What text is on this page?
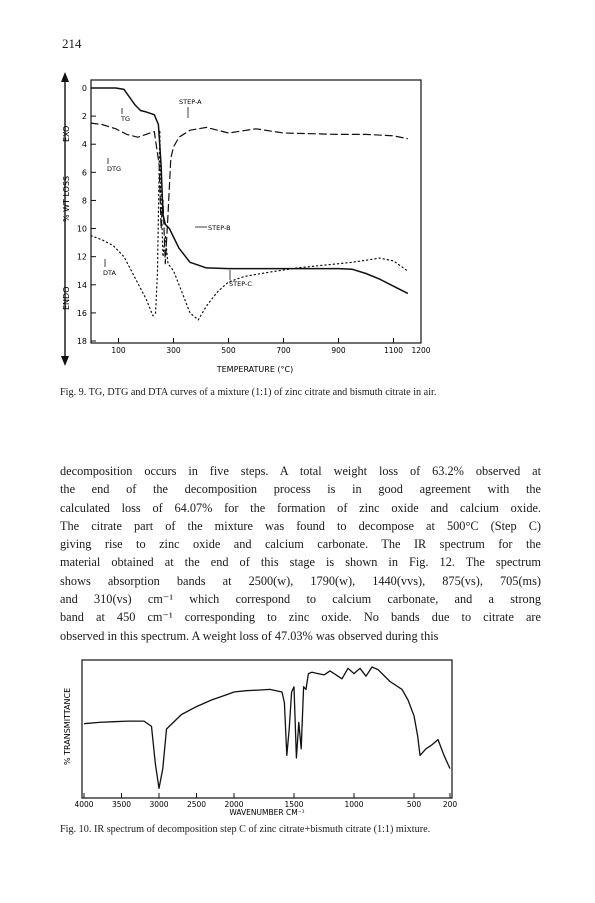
214
EXO
ENDO
% WT LOSS
0
2
4
6
8
10
12
14
16
18
100	300	500	700	900	1100 1200
TEMPERATURE (°C)
STEP-A
TG
DTG
STEP-B
DTA
STEP-C
Fig. 9. TG, DTG and DTA curves of a mixture (1:1) of zinc citrate and bismuth citrate in air.
decomposition occurs in five steps. A total weight loss of 63.2% observed at
the end of the decomposition process is in good agreement with the
calculated loss of 64.07% for the formation of zinc oxide and calcium oxide.
The citrate part of the mixture was found to decompose at 500°C (Step C)
giving rise to zinc oxide and calcium carbonate. The IR spectrum for the
material obtained at the end of this stage is shown in Fig. 12. The spectrum
shows absorption bands at 2500(w), 1790(w), 1440(vvs), 875(vs), 705(ms)
and 310(vs) cm⁻¹ which correspond to calcium carbonate, and a strong
band at 450 cm⁻¹ corresponding to zinc oxide. No bands due to citrate are
observed in this spectrum. A weight loss of 47.03% was observed during this
% TRANSMITTANCE
4000 3500 3000 2500 2000	1500	1000	500	200
WAVENUMBER CM⁻¹
Fig. 10. IR spectrum of decomposition step C of zinc citrate+bismuth citrate (1:1) mixture.
